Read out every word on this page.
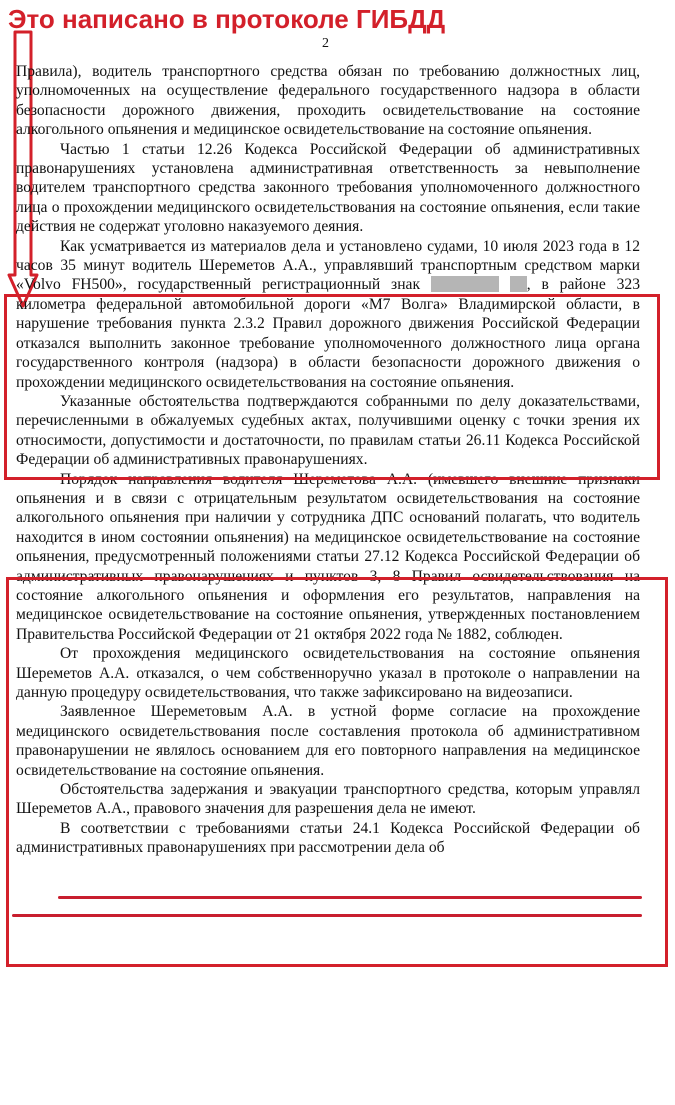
Это написано в протоколе ГИБДД
2

Правила), водитель транспортного средства обязан по требованию должностных лиц, уполномоченных на осуществление федерального государственного надзора в области безопасности дорожного движения, проходить освидетельствование на состояние алкогольного опьянения и медицинское освидетельствование на состояние опьянения.

Частью 1 статьи 12.26 Кодекса Российской Федерации об административных правонарушениях установлена административная ответственность за невыполнение водителем транспортного средства законного требования уполномоченного должностного лица о прохождении медицинского освидетельствования на состояние опьянения, если такие действия не содержат уголовно наказуемого деяния.

Как усматривается из материалов дела и установлено судами, 10 июля 2023 года в 12 часов 35 минут водитель Шереметов А.А., управлявший транспортным средством марки «Volvo FH500», государственный регистрационный знак	, в районе 323 километра федеральной автомобильной дороги «М7 Волга» Владимирской области, в нарушение требования пункта 2.3.2 Правил дорожного движения Российской Федерации отказался выполнить законное требование уполномоченного должностного лица органа государственного контроля (надзора) в области безопасности дорожного движения о прохождении медицинского освидетельствования на состояние опьянения.

Указанные обстоятельства подтверждаются собранными по делу доказательствами, перечисленными в обжалуемых судебных актах, получившими оценку с точки зрения их относимости, допустимости и достаточности, по правилам статьи 26.11 Кодекса Российской Федерации об административных правонарушениях.

Порядок направления водителя Шереметова А.А. (имевшего внешние признаки опьянения и в связи с отрицательным результатом освидетельствования на состояние алкогольного опьянения при наличии у сотрудника ДПС оснований полагать, что водитель находится в ином состоянии опьянения) на медицинское освидетельствование на состояние опьянения, предусмотренный положениями статьи 27.12 Кодекса Российской Федерации об административных правонарушениях и пунктов 3, 8 Правил освидетельствования на состояние алкогольного опьянения и оформления его результатов, направления на медицинское освидетельствование на состояние опьянения, утвержденных постановлением Правительства Российской Федерации от 21 октября 2022 года № 1882, соблюден.

От прохождения медицинского освидетельствования на состояние опьянения Шереметов А.А. отказался, о чем собственноручно указал в протоколе о направлении на данную процедуру освидетельствования, что также зафиксировано на видеозаписи.

Заявленное Шереметовым А.А. в устной форме согласие на прохождение медицинского освидетельствования после составления протокола об административном правонарушении не являлось основанием для его повторного направления на медицинское освидетельствование на состояние опьянения.

Обстоятельства задержания и эвакуации транспортного средства, которым управлял Шереметов А.А., правового значения для разрешения дела не имеют.

В соответствии с требованиями статьи 24.1 Кодекса Российской Федерации об административных правонарушениях при рассмотрении дела об
